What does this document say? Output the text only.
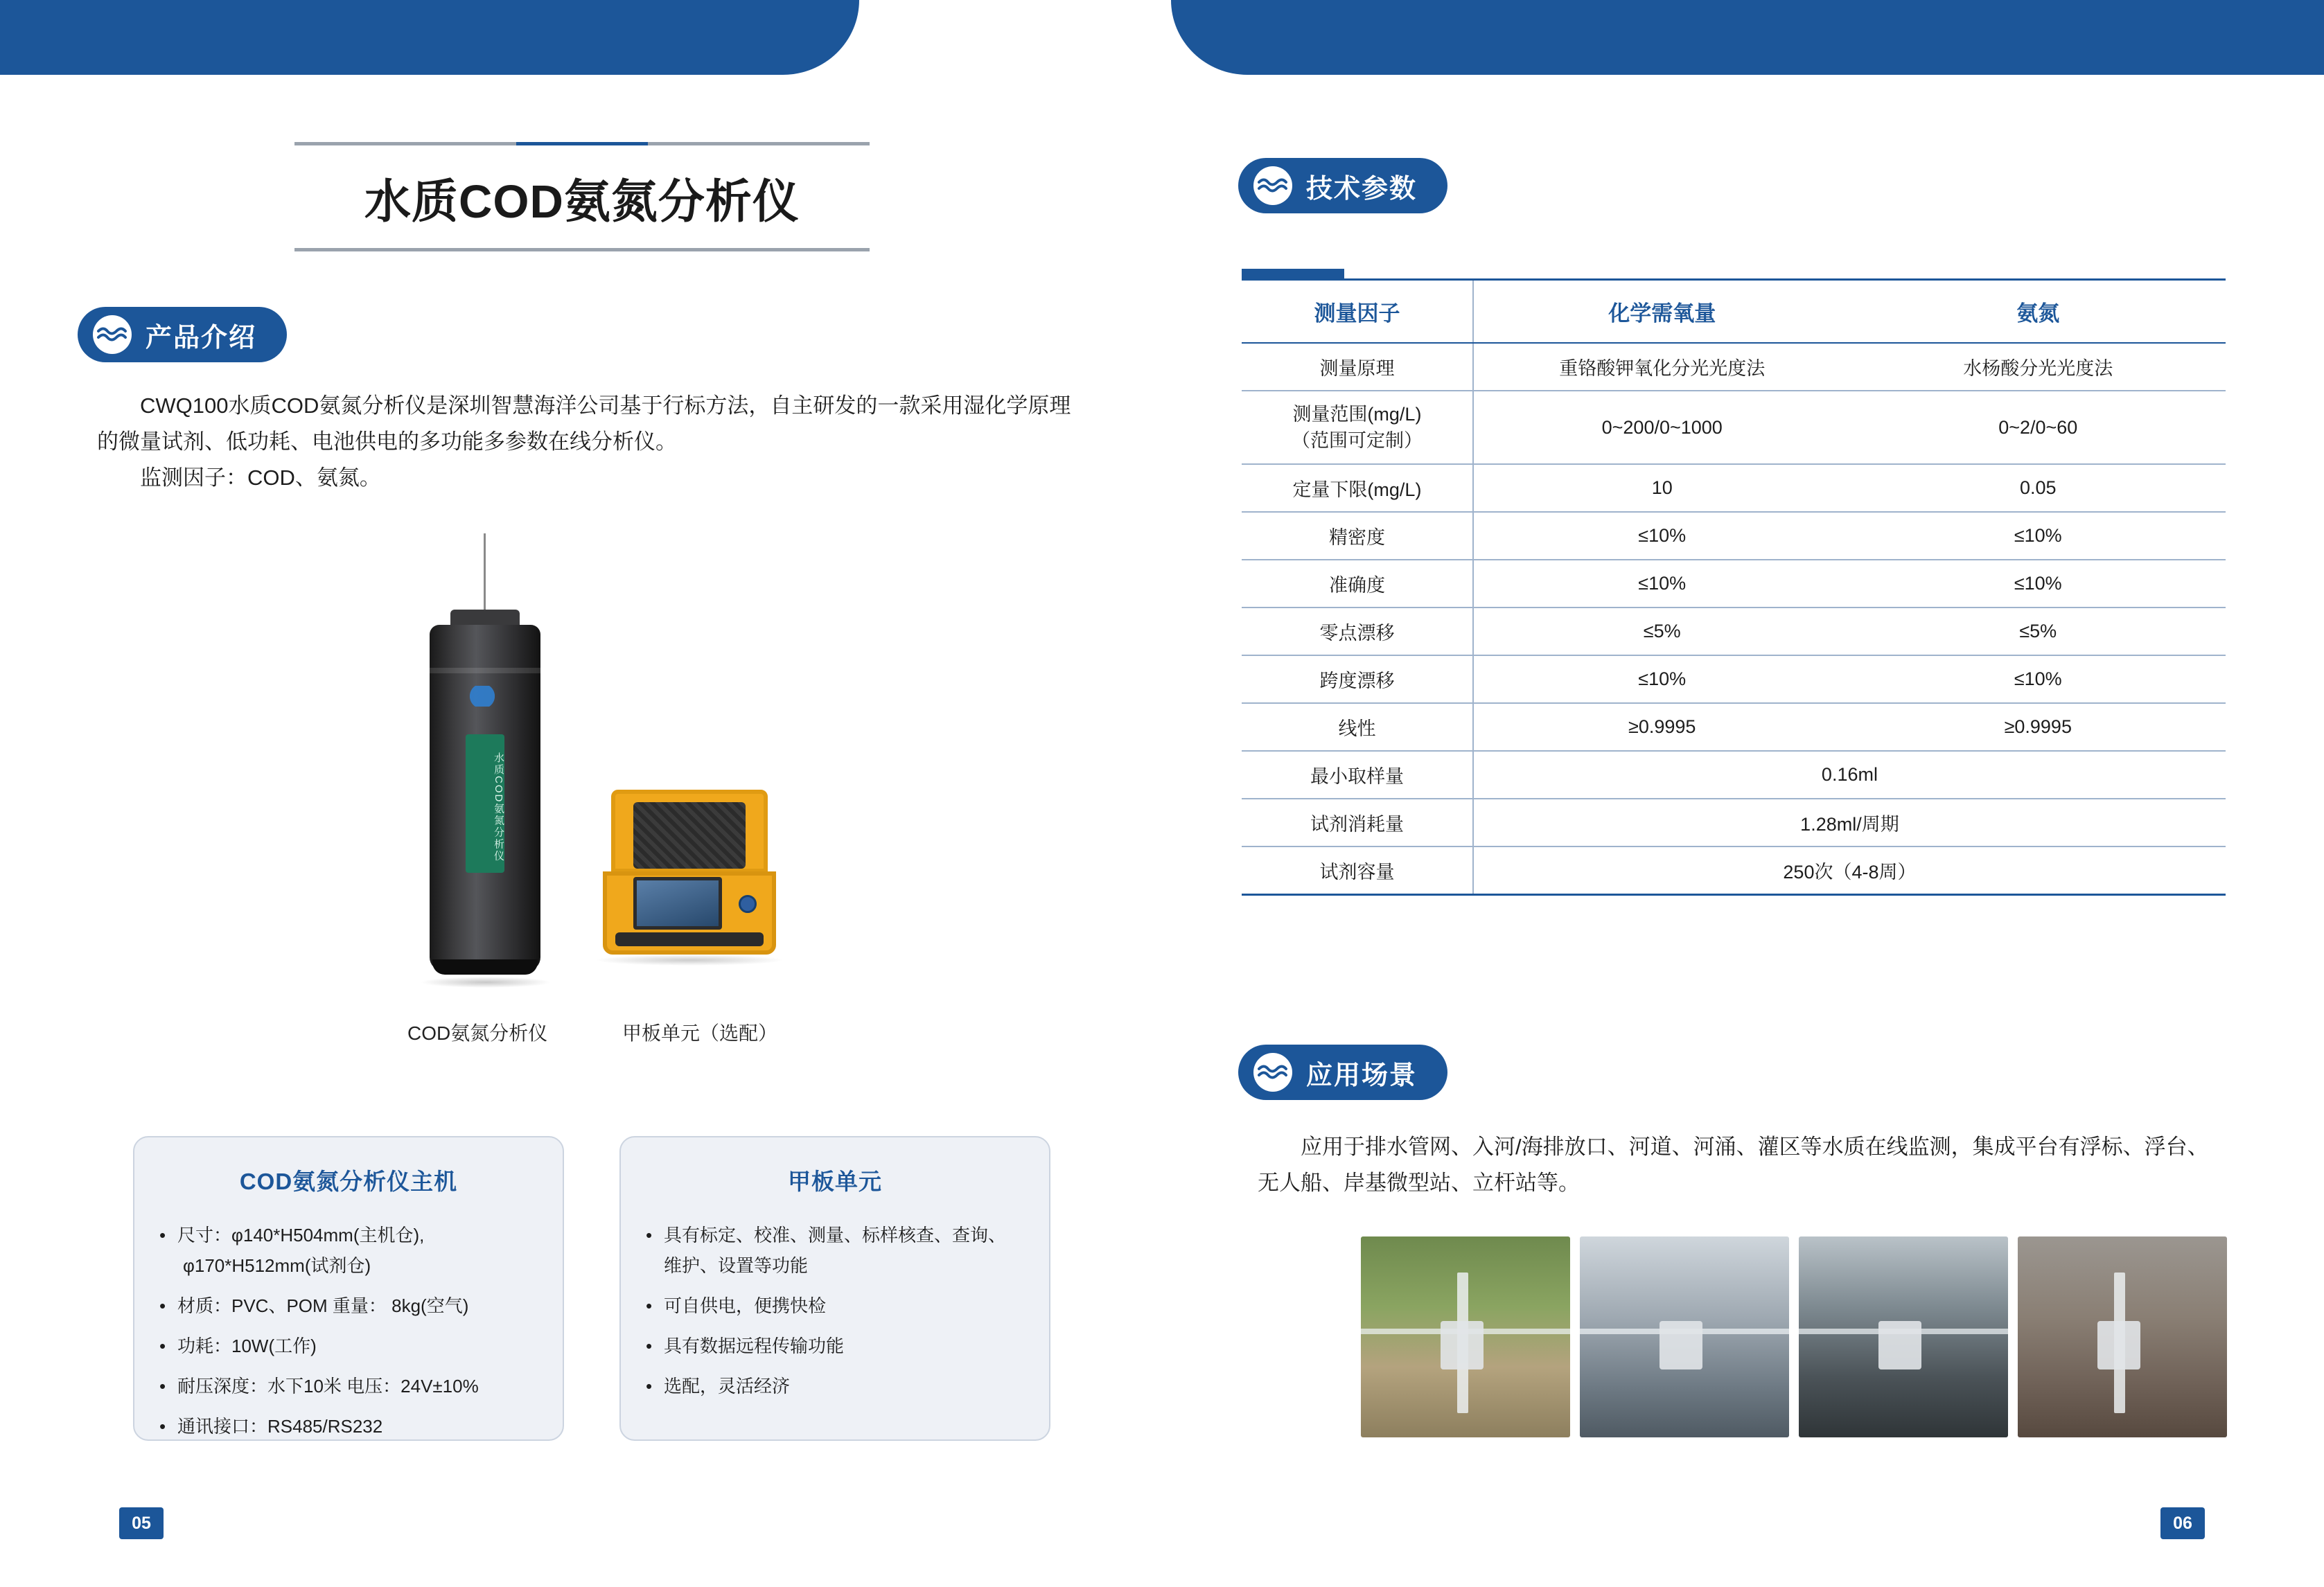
水质COD氨氮分析仪
产品介绍

CWQ100水质COD氨氮分析仪是深圳智慧海洋公司基于行标方法，自主研发的一款采用湿化学原理的微量试剂、低功耗、电池供电的多功能多参数在线分析仪。

监测因子：COD、氨氮。

水质COD氨氮分析仪
COD氨氮分析仪	甲板单元（选配）
COD氨氮分析仪主机
• 尺寸：φ140*H504mm(主机仓),
φ170*H512mm(试剂仓)
• 材质：PVC、POM 重量： 8kg(空气)
• 功耗：10W(工作)
• 耐压深度：水下10米 电压：24V±10%
• 通讯接口：RS485/RS232
甲板单元
• 具有标定、校准、测量、标样核查、查询、维护、设置等功能
• 可自供电，便携快检
• 具有数据远程传输功能
• 选配，灵活经济
05
技术参数
测量因子	化学需氧量	氨氮
测量原理	重铬酸钾氧化分光光度法	水杨酸分光光度法
测量范围(mg/L)
（范围可定制）	0~200/0~1000	0~2/0~60
定量下限(mg/L)	10	0.05
精密度	≤10%	≤10%
准确度	≤10%	≤10%
零点漂移	≤5%	≤5%
跨度漂移	≤10%	≤10%
线性	≥0.9995	≥0.9995
最小取样量	0.16ml	
试剂消耗量	1.28ml/周期	
试剂容量	250次（4-8周）	
应用场景
应用于排水管网、入河/海排放口、河道、河涌、灌区等水质在线监测，集成平台有浮标、浮台、无人船、岸基微型站、立杆站等。
06
